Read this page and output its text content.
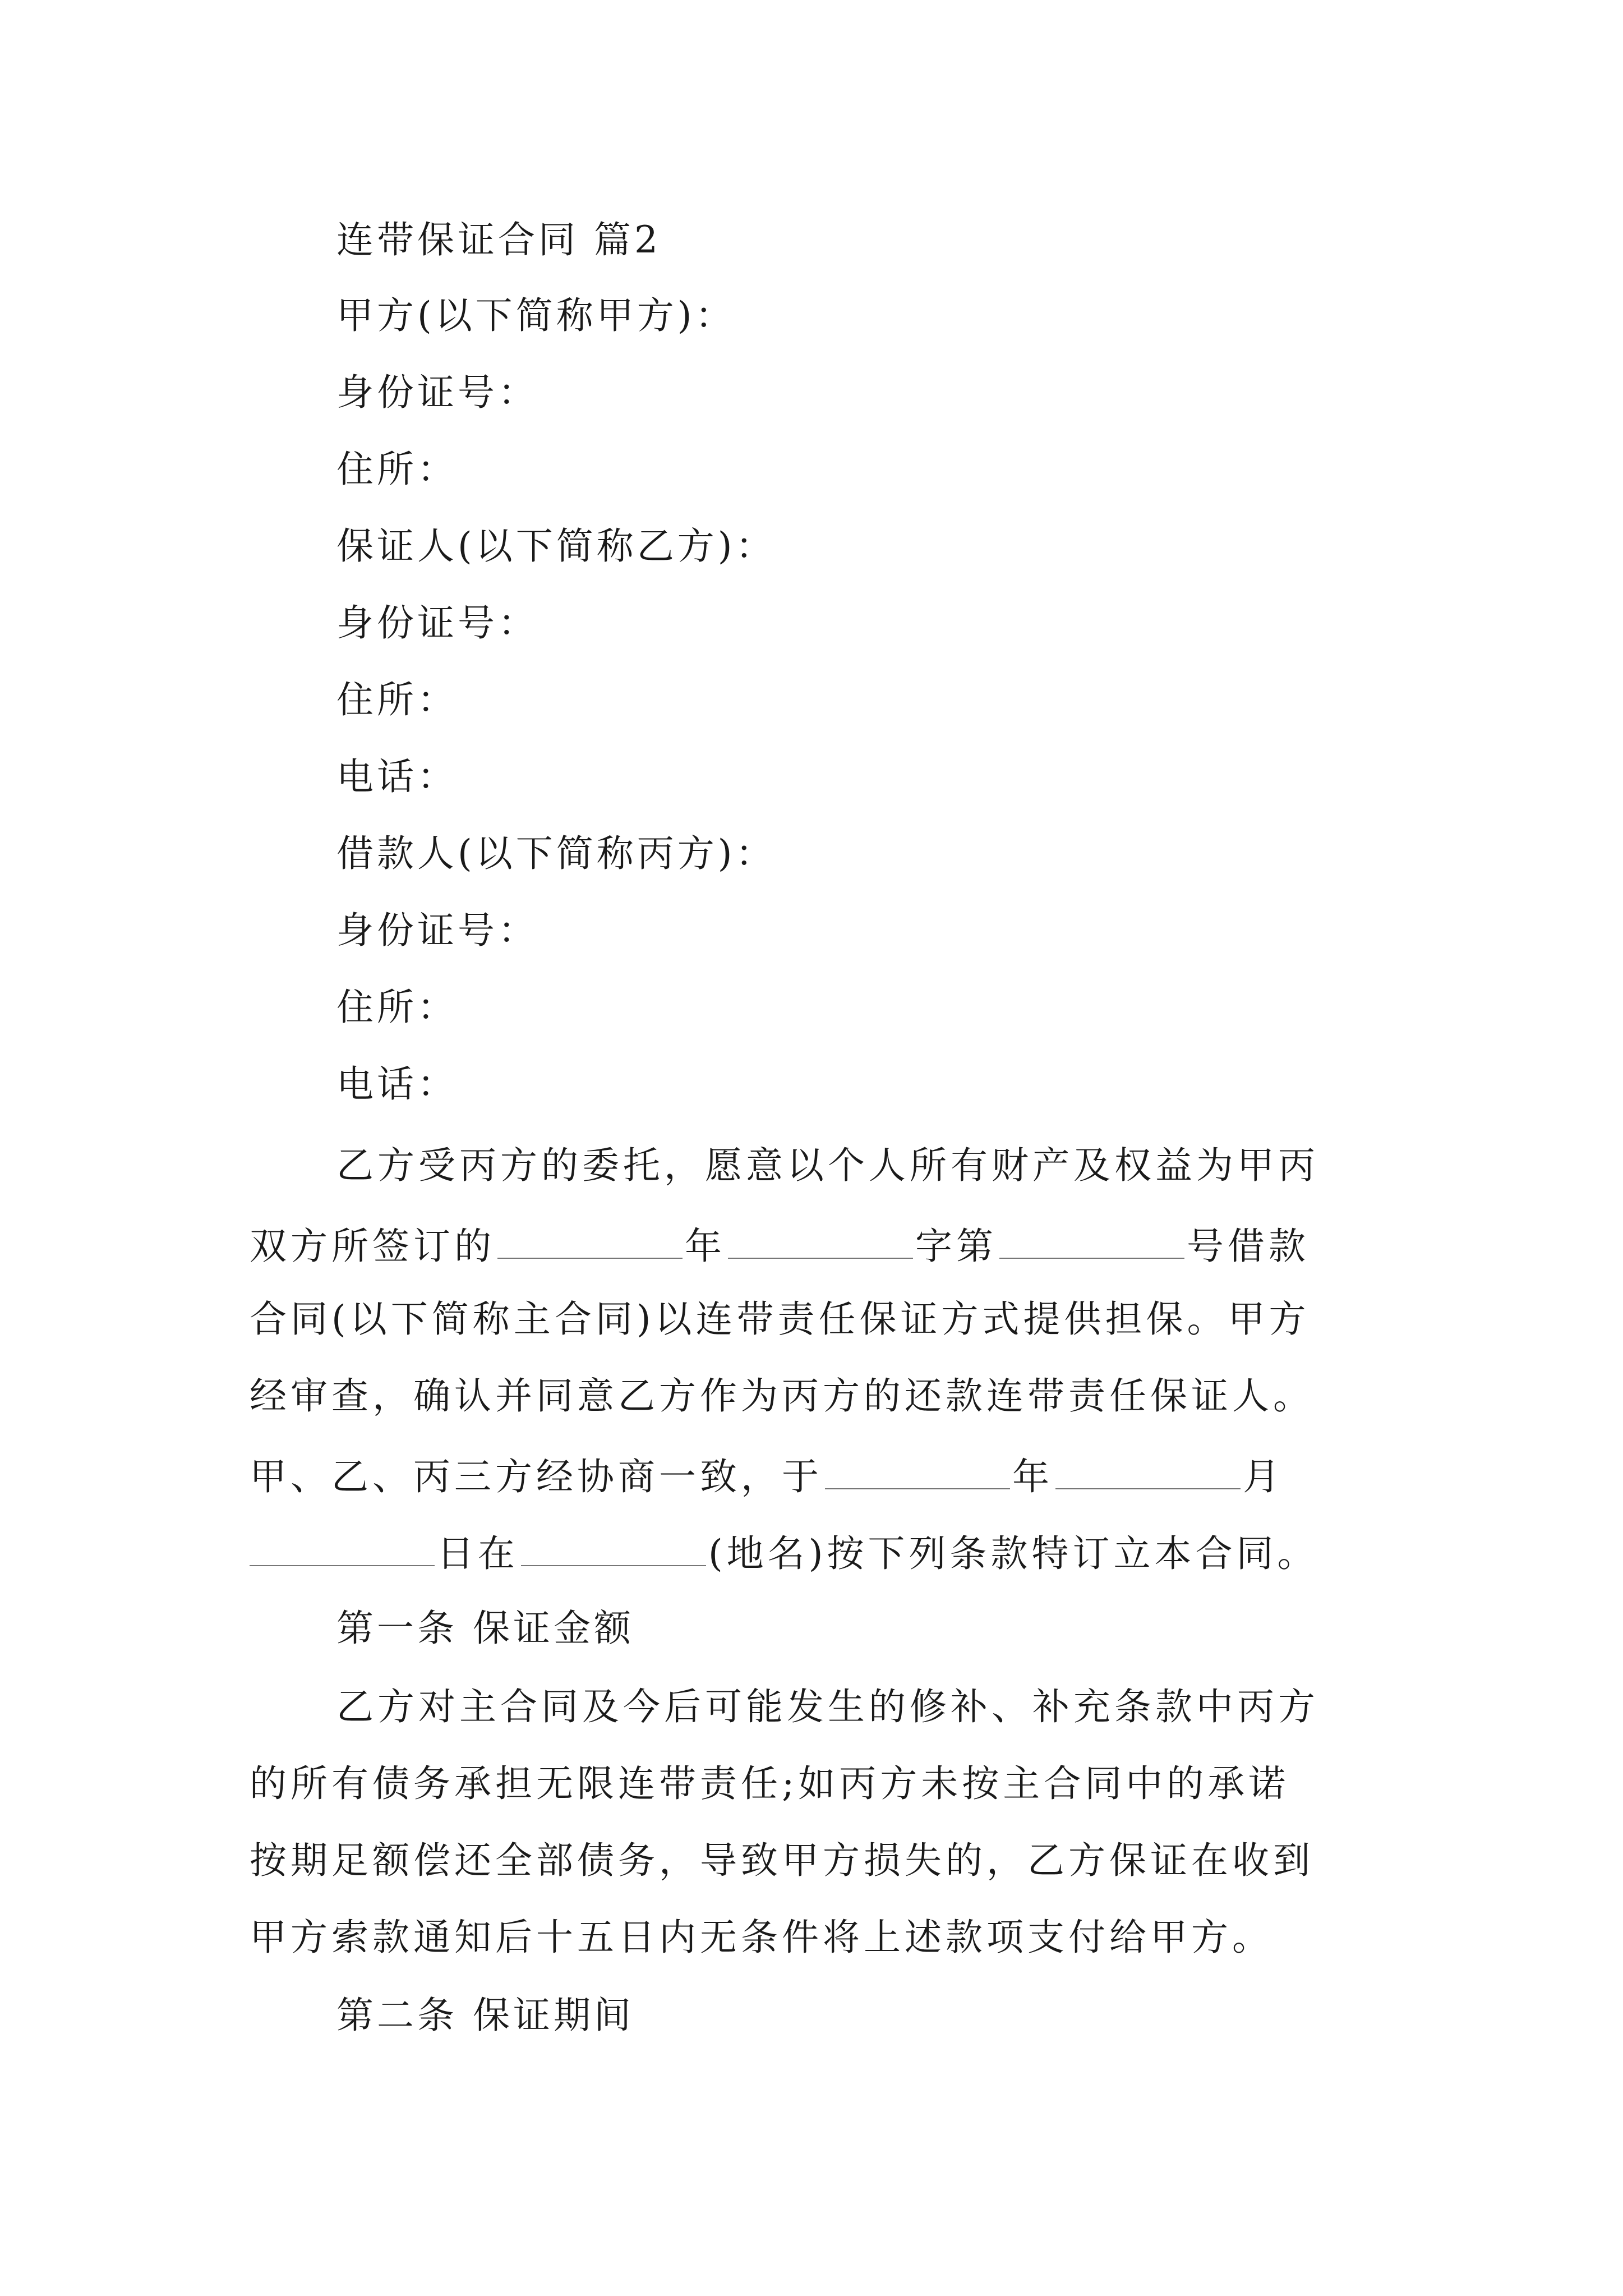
连带保证合同 篇2
甲方(以下简称甲方)：
身份证号：
住所：
保证人(以下简称乙方)：
身份证号：
住所：
电话：
借款人(以下简称丙方)：
身份证号：
住所：
电话：
乙方受丙方的委托，愿意以个人所有财产及权益为甲丙
双方所签订的	年	字第	号借款
合同(以下简称主合同)以连带责任保证方式提供担保。甲方
经审查，确认并同意乙方作为丙方的还款连带责任保证人。
甲、乙、丙三方经协商一致，于	年	月
日在	(地名)按下列条款特订立本合同。
第一条 保证金额
乙方对主合同及今后可能发生的修补、补充条款中丙方
的所有债务承担无限连带责任;如丙方未按主合同中的承诺
按期足额偿还全部债务，导致甲方损失的，乙方保证在收到
甲方索款通知后十五日内无条件将上述款项支付给甲方。
第二条 保证期间
